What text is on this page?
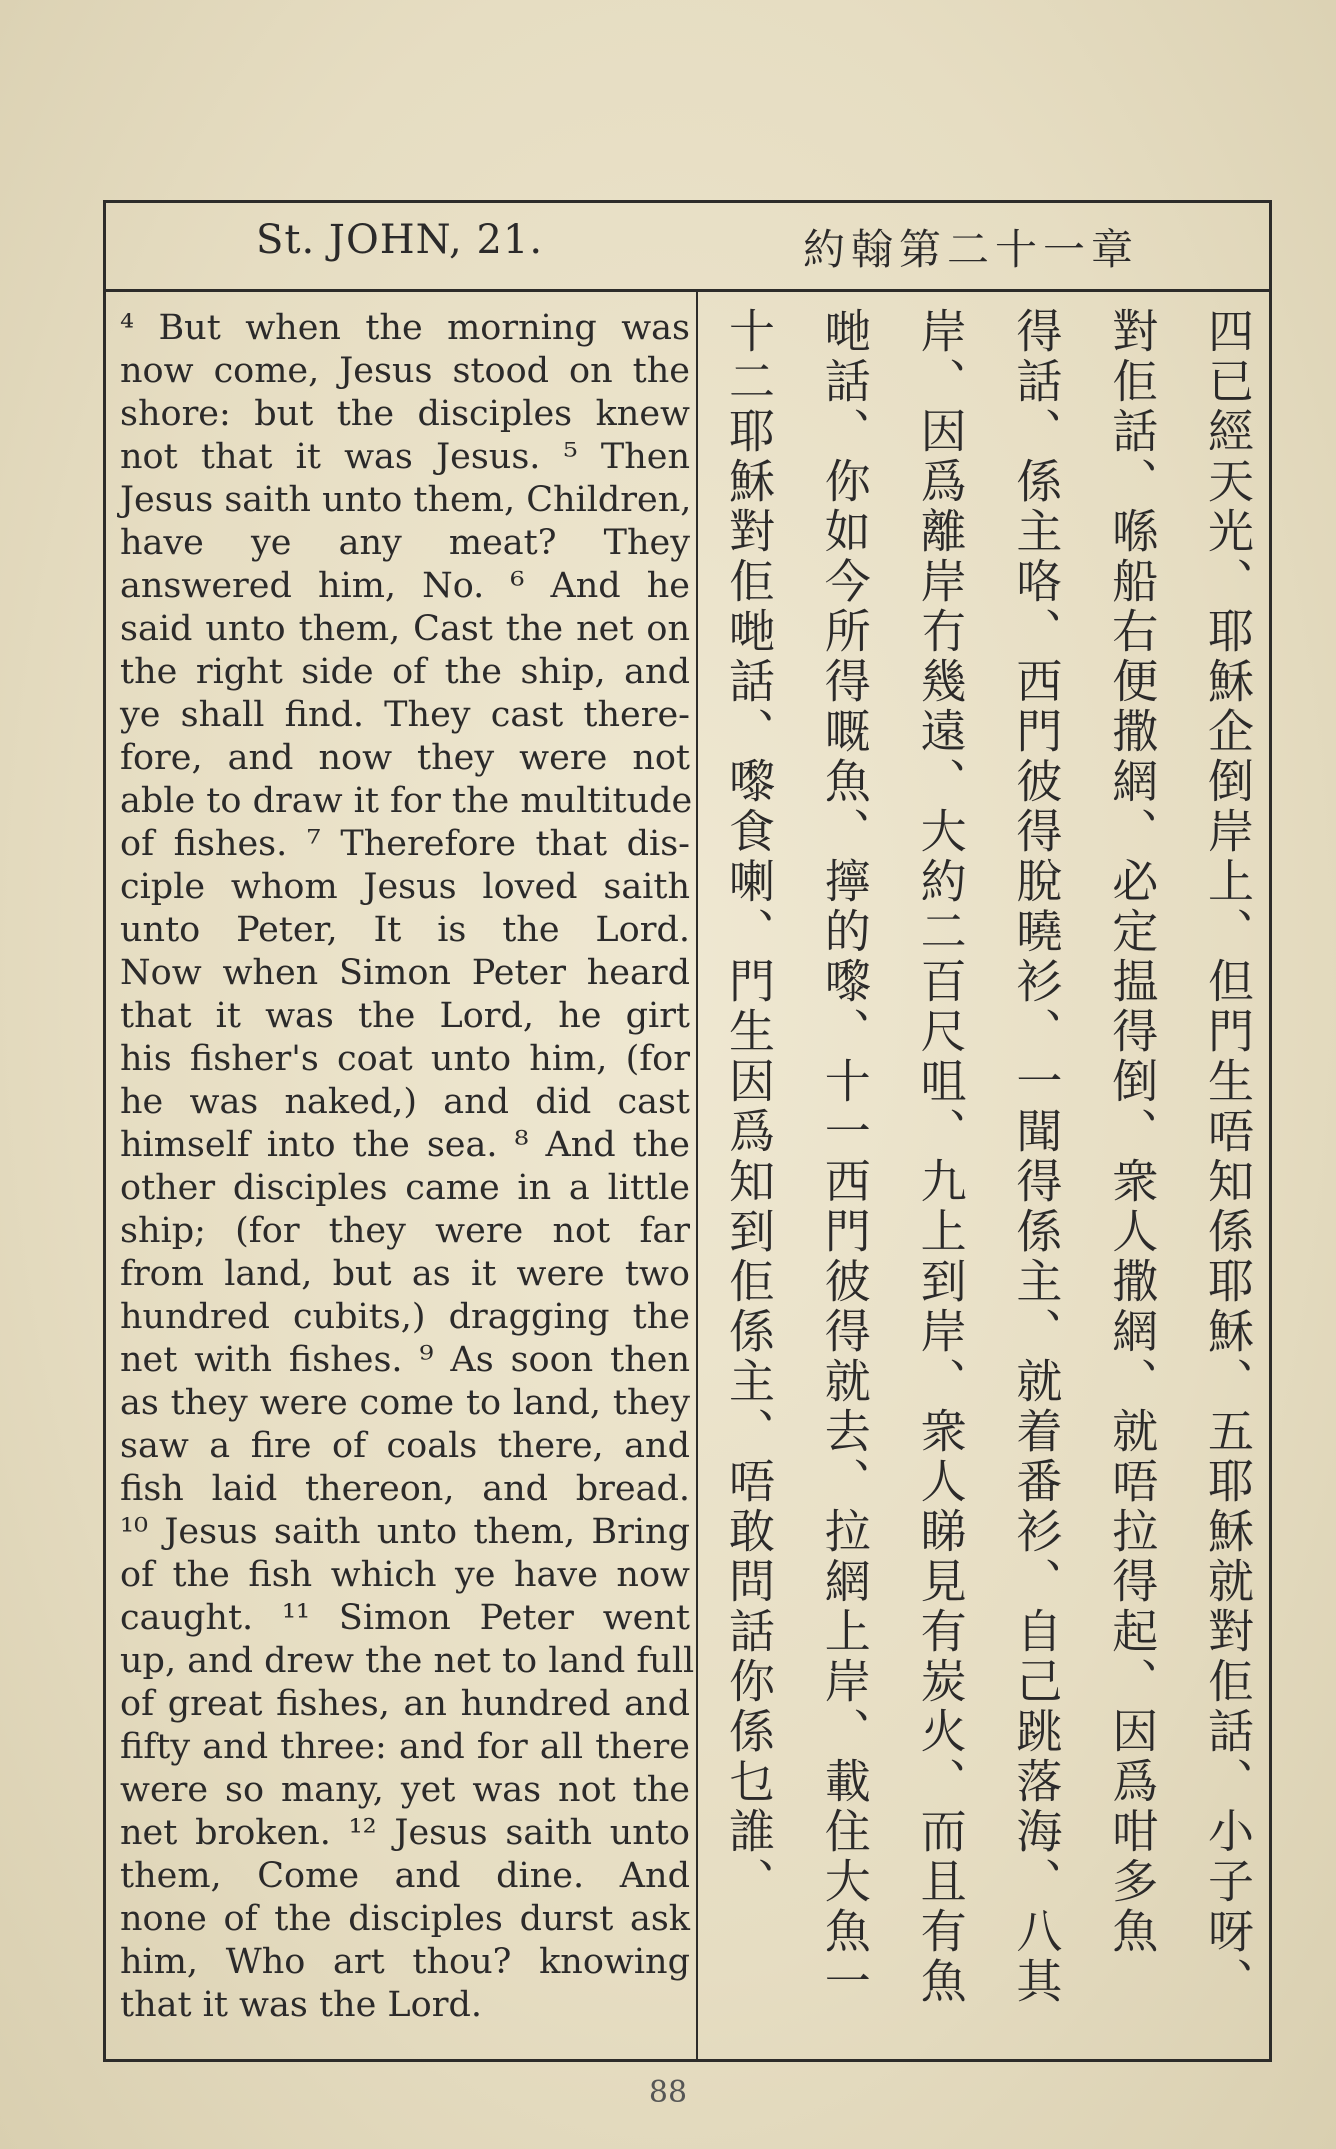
St. JOHN, 21.	約翰第二十一章
⁴ But when the morning was
now come, Jesus stood on the
shore: but the disciples knew
not that it was Jesus. ⁵ Then
Jesus saith unto them, Children,
have ye any meat? They
answered him, No. ⁶ And he
said unto them, Cast the net on
the right side of the ship, and
ye shall find. They cast there-
fore, and now they were not
able to draw it for the multitude
of fishes. ⁷ Therefore that dis-
ciple whom Jesus loved saith
unto Peter, It is the Lord.
Now when Simon Peter heard
that it was the Lord, he girt
his fisher's coat unto him, (for
he was naked,) and did cast
himself into the sea. ⁸ And the
other disciples came in a little
ship; (for they were not far
from land, but as it were two
hundred cubits,) dragging the
net with fishes. ⁹ As soon then
as they were come to land, they
saw a fire of coals there, and
fish laid thereon, and bread.
¹⁰ Jesus saith unto them, Bring
of the fish which ye have now
caught. ¹¹ Simon Peter went
up, and drew the net to land full
of great fishes, an hundred and
fifty and three: and for all there
were so many, yet was not the
net broken. ¹² Jesus saith unto
them, Come and dine. And
none of the disciples durst ask
him, Who art thou? knowing
that it was the Lord.
四已經天光、耶穌企倒岸上、但門生唔知係耶穌、五耶穌就對佢話、小子呀、
對佢話、喺船右便撒網、必定揾得倒、衆人撒網、就唔拉得起、因爲咁多魚
得話、係主咯、西門彼得脫曉衫、一聞得係主、就着番衫、自己跳落海、八其
岸、因爲離岸冇幾遠、大約二百尺咀、九上到岸、衆人睇見有炭火、而且有魚
哋話、你如今所得嘅魚、擰的嚟、十一西門彼得就去、拉網上岸、載住大魚一
十二耶穌對佢哋話、嚟食喇、門生因爲知到佢係主、唔敢問話你係乜誰、
88
